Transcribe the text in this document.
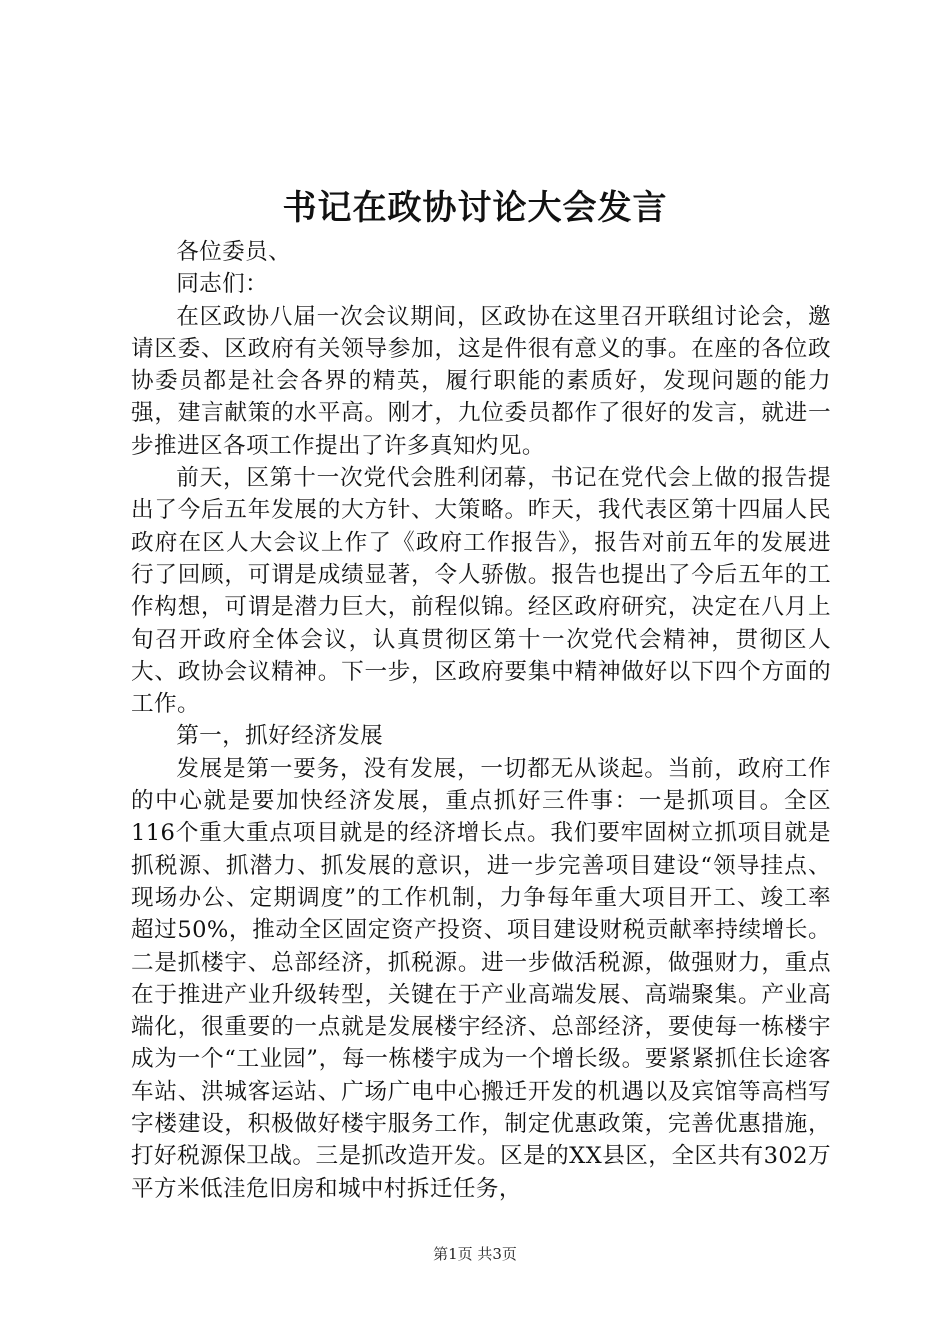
书记在政协讨论大会发言

各位委员、

同志们：

在区政协八届一次会议期间，区政协在这里召开联组讨论会，邀请区委、区政府有关领导参加，这是件很有意义的事。在座的各位政协委员都是社会各界的精英，履行职能的素质好，发现问题的能力强，建言献策的水平高。刚才，九位委员都作了很好的发言，就进一步推进区各项工作提出了许多真知灼见。

前天，区第十一次党代会胜利闭幕，书记在党代会上做的报告提出了今后五年发展的大方针、大策略。昨天，我代表区第十四届人民政府在区人大会议上作了《政府工作报告》，报告对前五年的发展进行了回顾，可谓是成绩显著，令人骄傲。报告也提出了今后五年的工作构想，可谓是潜力巨大，前程似锦。经区政府研究，决定在八月上旬召开政府全体会议，认真贯彻区第十一次党代会精神，贯彻区人大、政协会议精神。下一步，区政府要集中精神做好以下四个方面的工作。

第一，抓好经济发展

发展是第一要务，没有发展，一切都无从谈起。当前，政府工作的中心就是要加快经济发展，重点抓好三件事：一是抓项目。全区116个重大重点项目就是的经济增长点。我们要牢固树立抓项目就是抓税源、抓潜力、抓发展的意识，进一步完善项目建设“领导挂点、现场办公、定期调度”的工作机制，力争每年重大项目开工、竣工率超过50%，推动全区固定资产投资、项目建设财税贡献率持续增长。二是抓楼宇、总部经济，抓税源。进一步做活税源，做强财力，重点在于推进产业升级转型，关键在于产业高端发展、高端聚集。产业高端化，很重要的一点就是发展楼宇经济、总部经济，要使每一栋楼宇成为一个“工业园”，每一栋楼宇成为一个增长级。要紧紧抓住长途客车站、洪城客运站、广场广电中心搬迁开发的机遇以及宾馆等高档写字楼建设，积极做好楼宇服务工作，制定优惠政策，完善优惠措施，打好税源保卫战。三是抓改造开发。区是的XX县区，全区共有302万平方米低洼危旧房和城中村拆迁任务，

第1页 共3页
